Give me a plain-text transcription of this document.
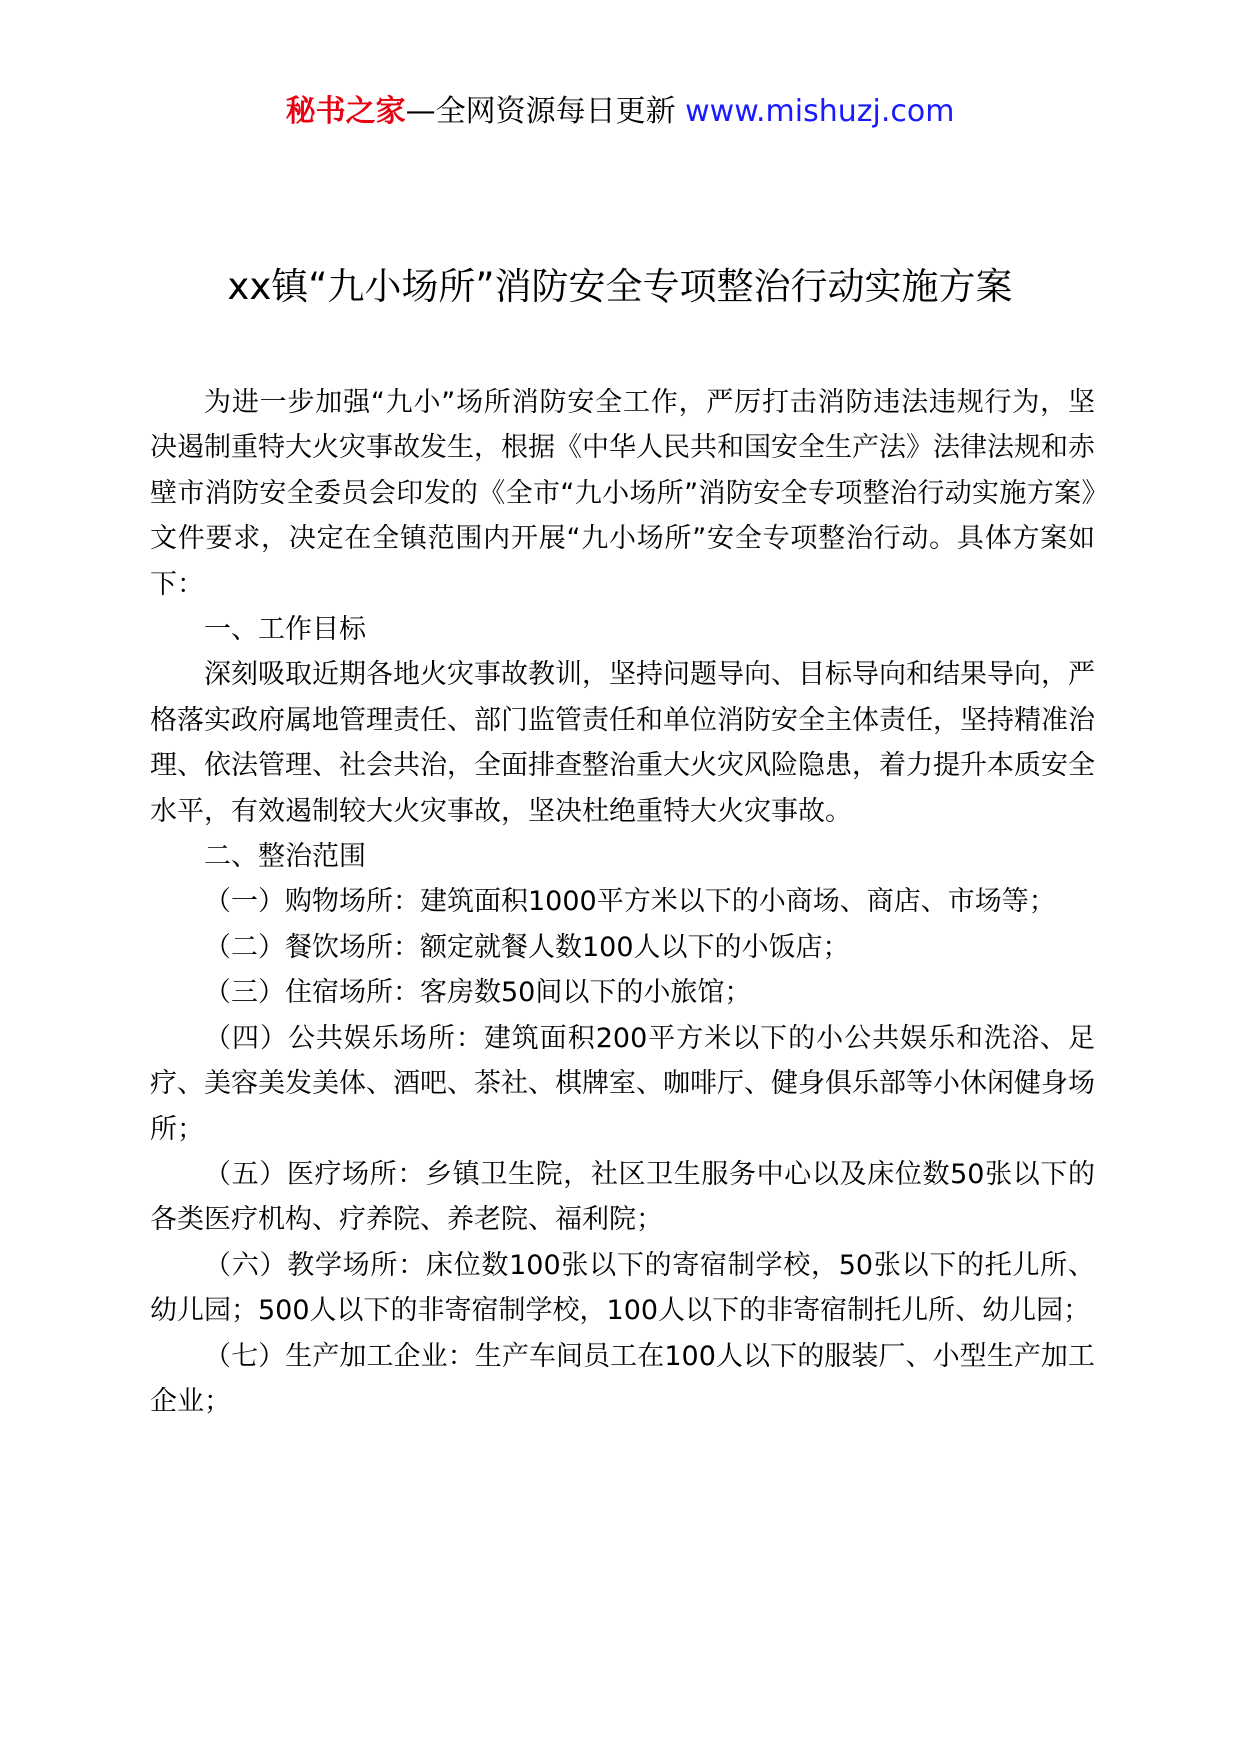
秘书之家—全网资源每日更新 www.mishuzj.com
xx镇“九小场所”消防安全专项整治行动实施方案

为进一步加强“九小”场所消防安全工作，严厉打击消防违法违规行为，坚决遏制重特大火灾事故发生，根据《中华人民共和国安全生产法》法律法规和赤壁市消防安全委员会印发的《全市“九小场所”消防安全专项整治行动实施方案》文件要求，决定在全镇范围内开展“九小场所”安全专项整治行动。具体方案如下：

一、工作目标

深刻吸取近期各地火灾事故教训，坚持问题导向、目标导向和结果导向，严格落实政府属地管理责任、部门监管责任和单位消防安全主体责任，坚持精准治理、依法管理、社会共治，全面排查整治重大火灾风险隐患，着力提升本质安全水平，有效遏制较大火灾事故，坚决杜绝重特大火灾事故。

二、整治范围

（一）购物场所：建筑面积1000平方米以下的小商场、商店、市场等；

（二）餐饮场所：额定就餐人数100人以下的小饭店；

（三）住宿场所：客房数50间以下的小旅馆；

（四）公共娱乐场所：建筑面积200平方米以下的小公共娱乐和洗浴、足疗、美容美发美体、酒吧、茶社、棋牌室、咖啡厅、健身俱乐部等小休闲健身场所；

（五）医疗场所：乡镇卫生院，社区卫生服务中心以及床位数50张以下的各类医疗机构、疗养院、养老院、福利院；

（六）教学场所：床位数100张以下的寄宿制学校，50张以下的托儿所、幼儿园；500人以下的非寄宿制学校，100人以下的非寄宿制托儿所、幼儿园；

（七）生产加工企业：生产车间员工在100人以下的服装厂、小型生产加工企业；
